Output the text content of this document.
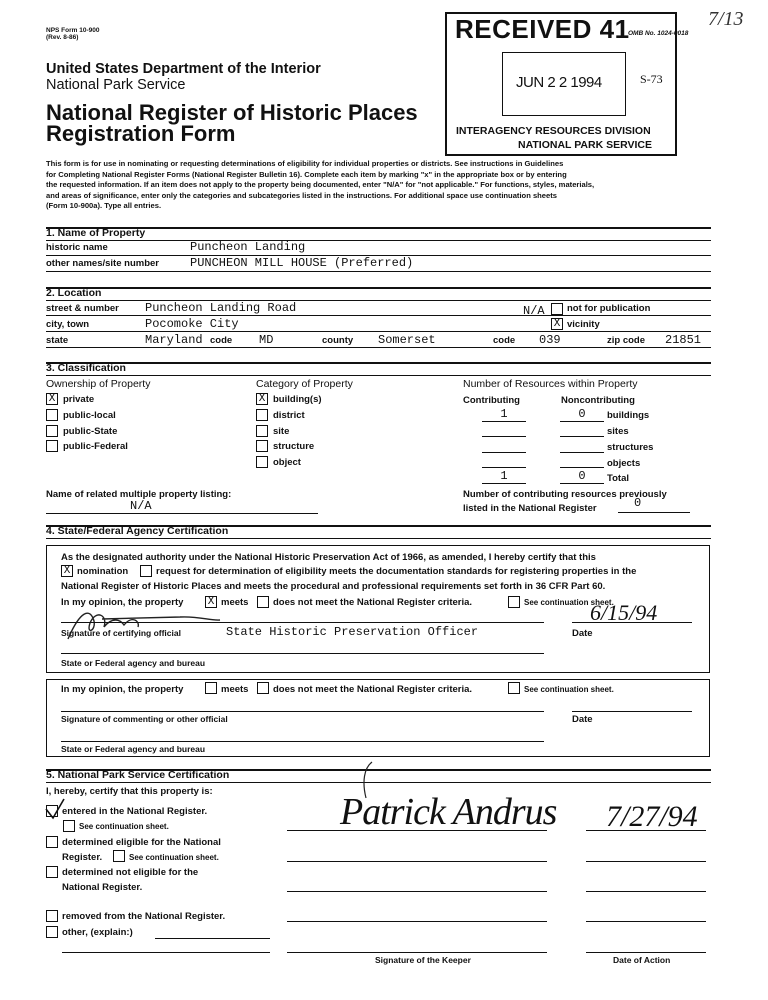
NPS Form 10-900
(Rev. 8-86)	RECEIVED 41
OMB No. 1024-0018
7/13
JUN 2 2 1994	S-73
INTERAGENCY RESOURCES DIVISION
NATIONAL PARK SERVICE
United States Department of the Interior
National Park Service
National Register of Historic Places
Registration Form
This form is for use in nominating or requesting determinations of eligibility for individual properties or districts. See instructions in Guidelines
for Completing National Register Forms (National Register Bulletin 16). Complete each item by marking "x" in the appropriate box or by entering
the requested information. If an item does not apply to the property being documented, enter "N/A" for "not applicable." For functions, styles, materials,
and areas of significance, enter only the categories and subcategories listed in the instructions. For additional space use continuation sheets
(Form 10-900a). Type all entries.
1. Name of Property
historic name	Puncheon Landing
other names/site number	PUNCHEON MILL HOUSE (Preferred)
2. Location
street & number Puncheon Landing Road	N/A not for publication
city, town	Pocomoke City	X vicinity
state	Maryland code MD	county Somerset	code 039	zip code 21851
3. Classification
Ownership of Property
X private
public-local
public-State
public-Federal
Category of Property
X building(s)
district
site
structure
object
Number of Resources within Property
Contributing	Noncontributing
1	0	buildings
sites
structures
objects
1	0	Total
Name of related multiple property listing:
N/A
Number of contributing resources previously
listed in the National Register	0
4. State/Federal Agency Certification
As the designated authority under the National Historic Preservation Act of 1966, as amended, I hereby certify that this
X nomination	request for determination of eligibility meets the documentation standards for registering properties in the
National Register of Historic Places and meets the procedural and professional requirements set forth in 36 CFR Part 60.
In my opinion, the property X meets	does not meet the National Register criteria.	See continuation sheet.
Signature of certifying official	State Historic Preservation Officer	Date
6/15/94
State or Federal agency and bureau
In my opinion, the property	meets	does not meet the National Register criteria.	See continuation sheet.
Signature of commenting or other official	Date
State or Federal agency and bureau
5. National Park Service Certification
I, hereby, certify that this property is:
entered in the National Register.
See continuation sheet.
determined eligible for the National
Register.	See continuation sheet.
determined not eligible for the
National Register.
removed from the National Register.
other, (explain:)
Patrick Andrus 7/27/94
Signature of the Keeper	Date of Action
